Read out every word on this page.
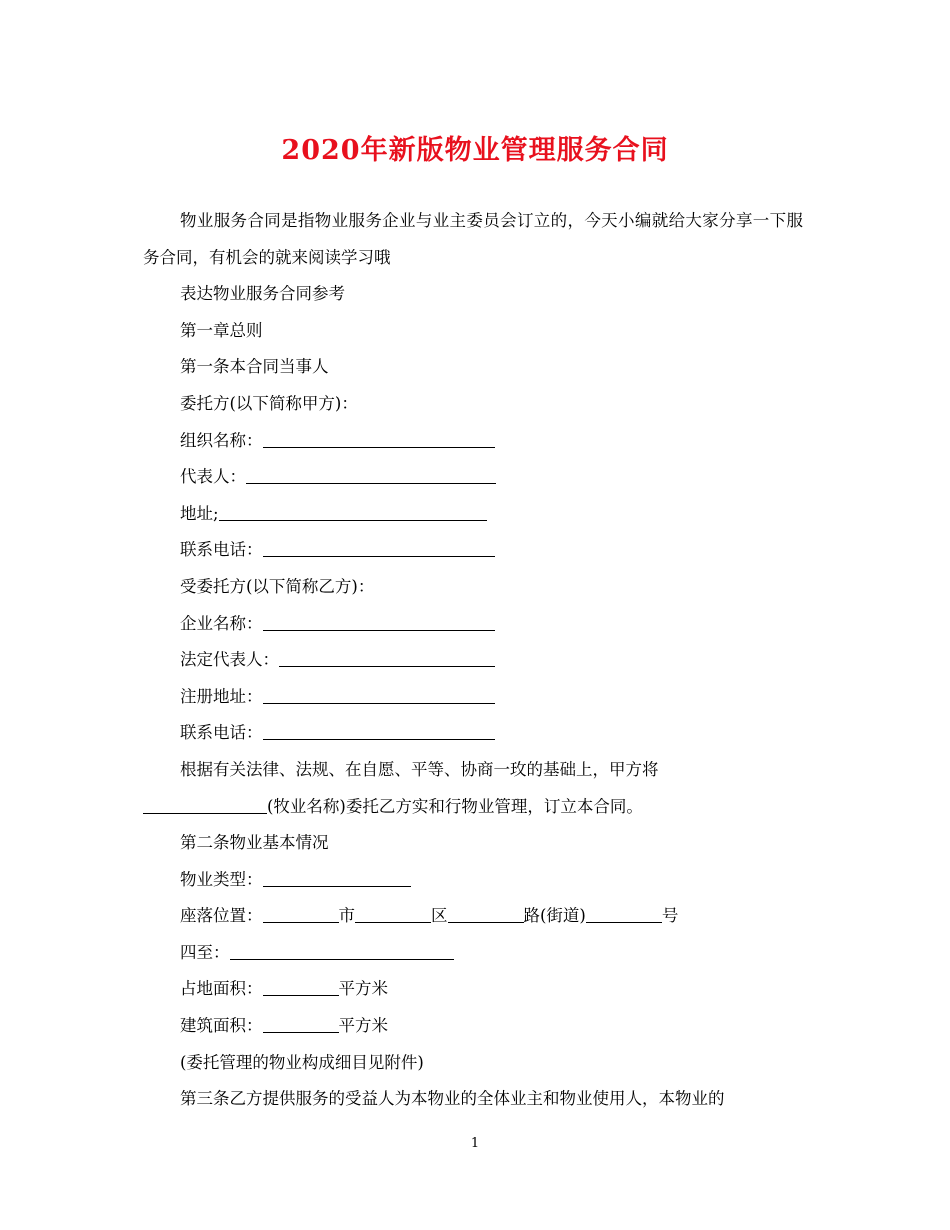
2020年新版物业管理服务合同
物业服务合同是指物业服务企业与业主委员会订立的，今天小编就给大家分享一下服务合同，有机会的就来阅读学习哦
表达物业服务合同参考
第一章总则
第一条本合同当事人
委托方(以下简称甲方)：
组织名称：
代表人：
地址;
联系电话：
受委托方(以下简称乙方)：
企业名称：
法定代表人：
注册地址：
联系电话：
根据有关法律、法规、在自愿、平等、协商一玫的基础上，甲方将
(牧业名称)委托乙方实和行物业管理，订立本合同。
第二条物业基本情况
物业类型：
座落位置：	市	区	路(街道)	号
四至：
占地面积：	平方米
建筑面积：	平方米
(委托管理的物业构成细目见附件)
第三条乙方提供服务的受益人为本物业的全体业主和物业使用人，本物业的
1
